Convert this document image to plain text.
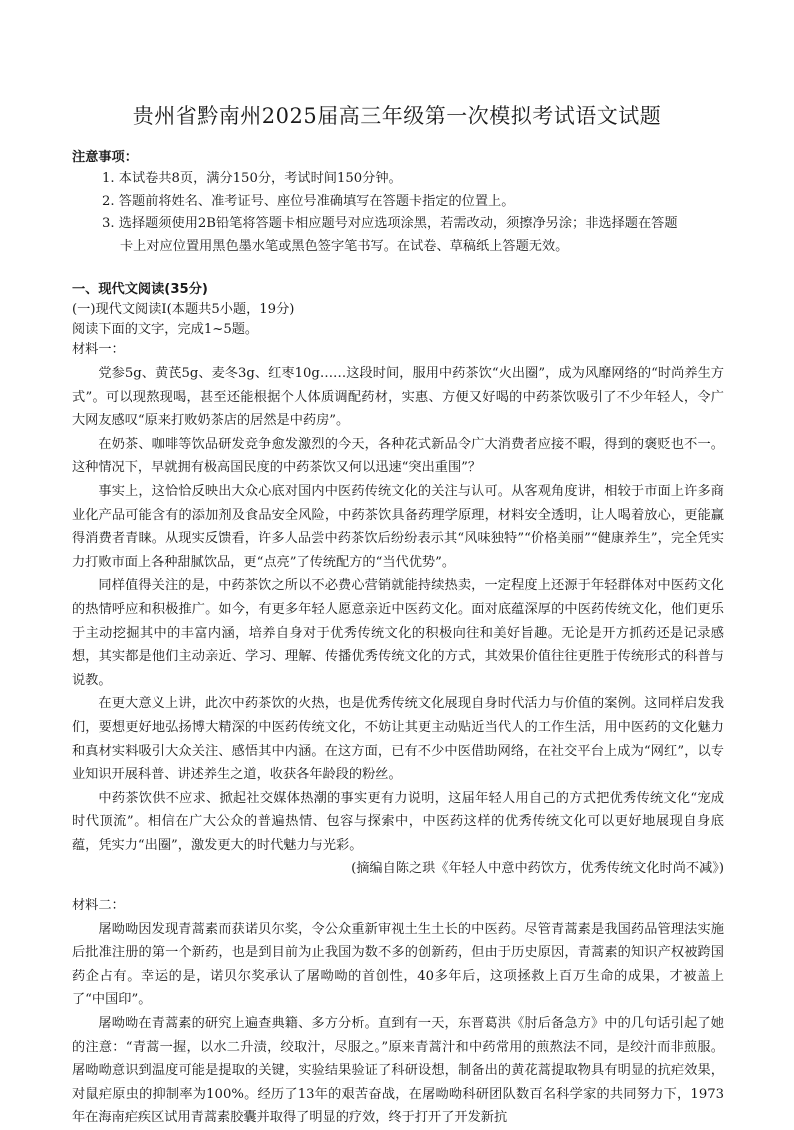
贵州省黔南州2025届高三年级第一次模拟考试语文试题
注意事项：

1. 本试卷共8页，满分150分，考试时间150分钟。

2. 答题前将姓名、准考证号、座位号准确填写在答题卡指定的位置上。

3. 选择题须使用2B铅笔将答题卡相应题号对应选项涂黑，若需改动，须擦净另涂；非选择题在答题

卡上对应位置用黑色墨水笔或黑色签字笔书写。在试卷、草稿纸上答题无效。

一、现代文阅读(35分)

(一)现代文阅读Ⅰ(本题共5小题，19分)

阅读下面的文字，完成1~5题。

材料一：

党参5g、黄芪5g、麦冬3g、红枣10g……这段时间，服用中药茶饮“火出圈”，成为风靡网络的“时尚养生方式”。可以现熬现喝，甚至还能根据个人体质调配药材，实惠、方便又好喝的中药茶饮吸引了不少年轻人，令广大网友感叹“原来打败奶茶店的居然是中药房”。

在奶茶、咖啡等饮品研发竞争愈发激烈的今天，各种花式新品令广大消费者应接不暇，得到的褒贬也不一。这种情况下，早就拥有极高国民度的中药茶饮又何以迅速“突出重围”？

事实上，这恰恰反映出大众心底对国内中医药传统文化的关注与认可。从客观角度讲，相较于市面上许多商业化产品可能含有的添加剂及食品安全风险，中药茶饮具备药理学原理，材料安全透明，让人喝着放心，更能赢得消费者青睐。从现实反馈看，许多人品尝中药茶饮后纷纷表示其“风味独特”“价格美丽”“健康养生”，完全凭实力打败市面上各种甜腻饮品，更“点亮”了传统配方的“当代优势”。

同样值得关注的是，中药茶饮之所以不必费心营销就能持续热卖，一定程度上还源于年轻群体对中医药文化的热情呼应和积极推广。如今，有更多年轻人愿意亲近中医药文化。面对底蕴深厚的中医药传统文化，他们更乐于主动挖掘其中的丰富内涵，培养自身对于优秀传统文化的积极向往和美好旨趣。无论是开方抓药还是记录感想，其实都是他们主动亲近、学习、理解、传播优秀传统文化的方式，其效果价值往往更胜于传统形式的科普与说教。

在更大意义上讲，此次中药茶饮的火热，也是优秀传统文化展现自身时代活力与价值的案例。这同样启发我们，要想更好地弘扬博大精深的中医药传统文化，不妨让其更主动贴近当代人的工作生活，用中医药的文化魅力和真材实料吸引大众关注、感悟其中内涵。在这方面，已有不少中医借助网络，在社交平台上成为“网红”，以专业知识开展科普、讲述养生之道，收获各年龄段的粉丝。

中药茶饮供不应求、掀起社交媒体热潮的事实更有力说明，这届年轻人用自己的方式把优秀传统文化“宠成时代顶流”。相信在广大公众的普遍热情、包容与探索中，中医药这样的优秀传统文化可以更好地展现自身底蕴，凭实力“出圈”，激发更大的时代魅力与光彩。

(摘编自陈之珙《年轻人中意中药饮方，优秀传统文化时尚不减》)

材料二：

屠呦呦因发现青蒿素而获诺贝尔奖，令公众重新审视土生土长的中医药。尽管青蒿素是我国药品管理法实施后批准注册的第一个新药，也是到目前为止我国为数不多的创新药，但由于历史原因，青蒿素的知识产权被跨国药企占有。幸运的是，诺贝尔奖承认了屠呦呦的首创性，40多年后，这项拯救上百万生命的成果，才被盖上了“中国印”。

屠呦呦在青蒿素的研究上遍查典籍、多方分析。直到有一天，东晋葛洪《肘后备急方》中的几句话引起了她的注意：“青蒿一握，以水二升渍，绞取汁，尽服之。”原来青蒿汁和中药常用的煎熬法不同，是绞汁而非煎服。屠呦呦意识到温度可能是提取的关键，实验结果验证了科研设想，制备出的黄花蒿提取物具有明显的抗疟效果，对鼠疟原虫的抑制率为100%。经历了13年的艰苦奋战，在屠呦呦科研团队数百名科学家的共同努力下，1973年在海南疟疾区试用青蒿素胶囊并取得了明显的疗效，终于打开了开发新抗
